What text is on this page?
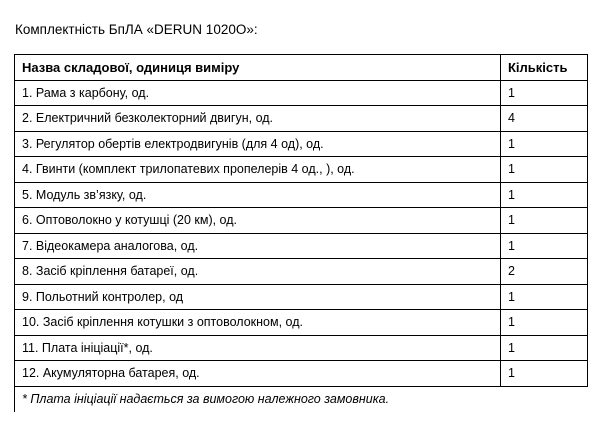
Комплектність БпЛА «DERUN 1020О»:
Назва складової, одиниця виміру	Кількість
1. Рама з карбону, од.	1
2. Електричний безколекторний двигун, од.	4
3. Регулятор обертів електродвигунів (для 4 од), од.	1
4. Гвинти (комплект трилопатевих пропелерів 4 од., ), од.	1
5. Модуль зв’язку, од.	1
6. Оптоволокно у котушці (20 км), од.	1
7. Відеокамера аналогова, од.	1
8. Засіб кріплення батареї, од.	2
9. Польотний контролер, од	1
10. Засіб кріплення котушки з оптоволокном, од.	1
11. Плата ініціації*, од.	1
12. Акумуляторна батарея, од.	1
* Плата ініціації надається за вимогою належного замовника.	
